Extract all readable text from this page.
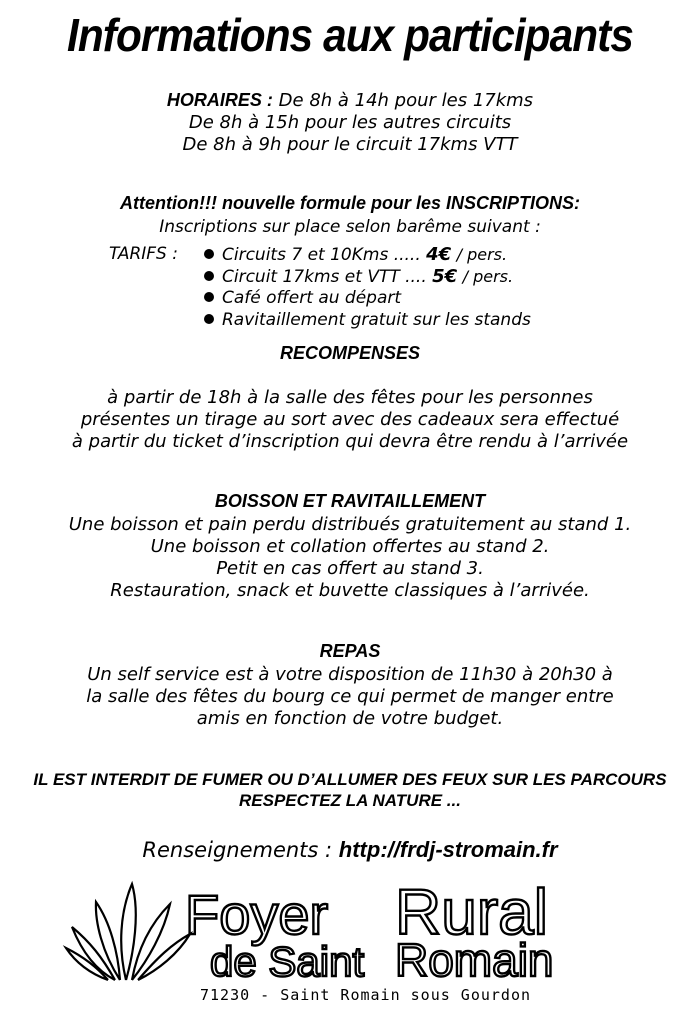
Informations aux participants
HORAIRES : De 8h à 14h pour les 17kms
De 8h à 15h pour les autres circuits
De 8h à 9h pour le circuit 17kms VTT
Attention!!! nouvelle formule pour les INSCRIPTIONS:
Inscriptions sur place selon barême suivant :
TARIFS :	Circuits 7 et 10Kms ..... 4€ / pers.
Circuit 17kms et VTT .... 5€ / pers.
Café offert au départ
Ravitaillement gratuit sur les stands
RECOMPENSES
à partir de 18h à la salle des fêtes pour les personnes
présentes un tirage au sort avec des cadeaux sera effectué
à partir du ticket d’inscription qui devra être rendu à l’arrivée
BOISSON ET RAVITAILLEMENT
Une boisson et pain perdu distribués gratuitement au stand 1.
Une boisson et collation offertes au stand 2.
Petit en cas offert au stand 3.
Restauration, snack et buvette classiques à l’arrivée.
REPAS
Un self service est à votre disposition de 11h30 à 20h30 à
la salle des fêtes du bourg ce qui permet de manger entre
amis en fonction de votre budget.
IL EST INTERDIT DE FUMER OU D’ALLUMER DES FEUX SUR LES PARCOURS
RESPECTEZ LA NATURE ...
Renseignements : http://frdj-stromain.fr
Foyer Rural
de Saint Romain
71230 - Saint Romain sous Gourdon
